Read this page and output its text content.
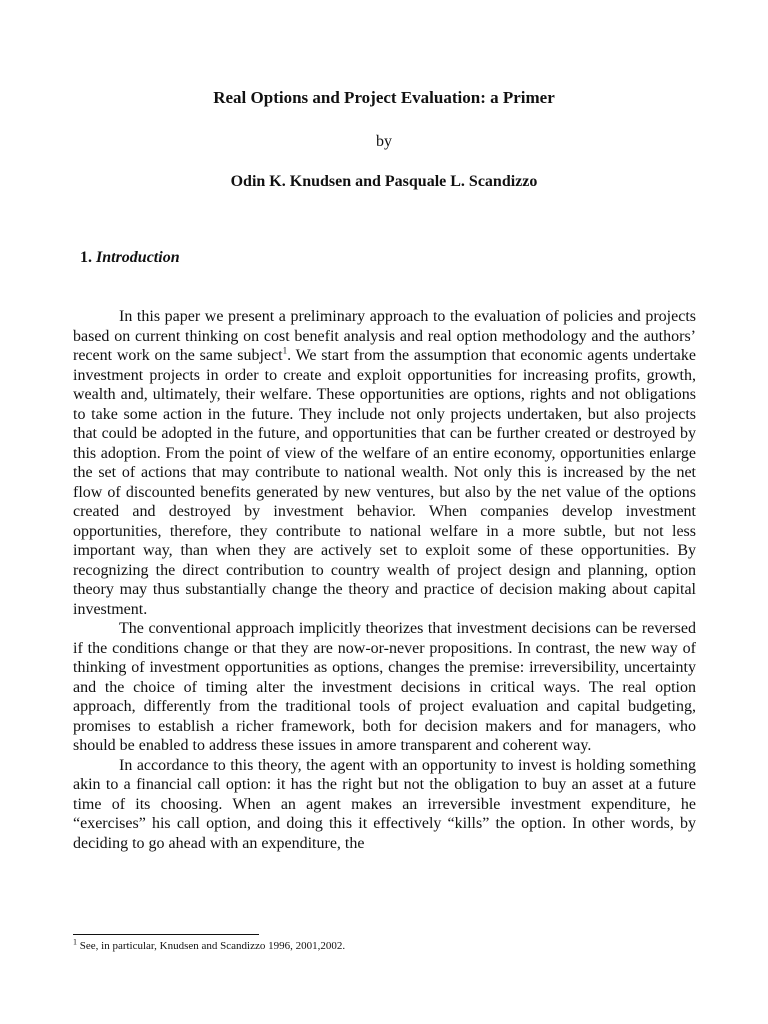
Real Options and Project Evaluation: a Primer
by
Odin K. Knudsen and Pasquale L. Scandizzo
1. Introduction

In this paper we present a preliminary approach to the evaluation of policies and projects based on current thinking on cost benefit analysis and real option methodology and the authors’ recent work on the same subject$^1$. We start from the assumption that economic agents undertake investment projects in order to create and exploit opportunities for increasing profits, growth, wealth and, ultimately, their welfare. These opportunities are options, rights and not obligations to take some action in the future. They include not only projects undertaken, but also projects that could be adopted in the future, and opportunities that can be further created or destroyed by this adoption. From the point of view of the welfare of an entire economy, opportunities enlarge the set of actions that may contribute to national wealth. Not only this is increased by the net flow of discounted benefits generated by new ventures, but also by the net value of the options created and destroyed by investment behavior. When companies develop investment opportunities, therefore, they contribute to national welfare in a more subtle, but not less important way, than when they are actively set to exploit some of these opportunities. By recognizing the direct contribution to country wealth of project design and planning, option theory may thus substantially change the theory and practice of decision making about capital investment.

The conventional approach implicitly theorizes that investment decisions can be reversed if the conditions change or that they are now-or-never propositions. In contrast, the new way of thinking of investment opportunities as options, changes the premise: irreversibility, uncertainty and the choice of timing alter the investment decisions in critical ways. The real option approach, differently from the traditional tools of project evaluation and capital budgeting, promises to establish a richer framework, both for decision makers and for managers, who should be enabled to address these issues in amore transparent and coherent way.

In accordance to this theory, the agent with an opportunity to invest is holding something akin to a financial call option: it has the right but not the obligation to buy an asset at a future time of its choosing. When an agent makes an irreversible investment expenditure, he “exercises” his call option, and doing this it effectively “kills” the option. In other words, by deciding to go ahead with an expenditure, the

$^1$ See, in particular, Knudsen and Scandizzo 1996, 2001,2002.
